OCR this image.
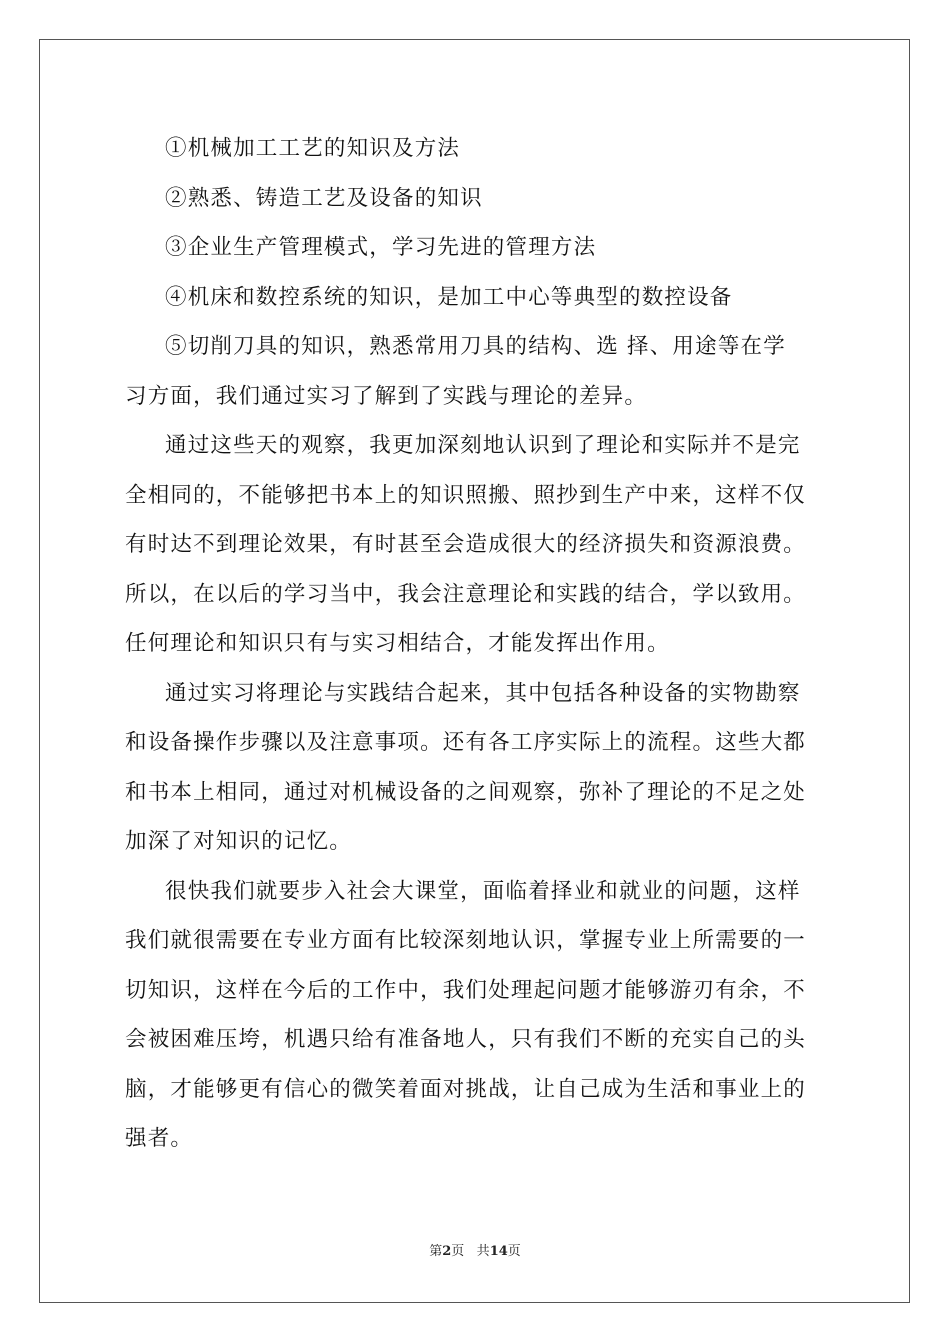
①机械加工工艺的知识及方法
②熟悉、铸造工艺及设备的知识
③企业生产管理模式，学习先进的管理方法
④机床和数控系统的知识，是加工中心等典型的数控设备
⑤切削刀具的知识，熟悉常用刀具的结构、选 择、用途等在学
习方面，我们通过实习了解到了实践与理论的差异。
通过这些天的观察，我更加深刻地认识到了理论和实际并不是完
全相同的，不能够把书本上的知识照搬、照抄到生产中来，这样不仅
有时达不到理论效果，有时甚至会造成很大的经济损失和资源浪费。
所以，在以后的学习当中，我会注意理论和实践的结合，学以致用。
任何理论和知识只有与实习相结合，才能发挥出作用。
通过实习将理论与实践结合起来，其中包括各种设备的实物勘察
和设备操作步骤以及注意事项。还有各工序实际上的流程。这些大都
和书本上相同，通过对机械设备的之间观察，弥补了理论的不足之处
加深了对知识的记忆。
很快我们就要步入社会大课堂，面临着择业和就业的问题，这样
我们就很需要在专业方面有比较深刻地认识，掌握专业上所需要的一
切知识，这样在今后的工作中，我们处理起问题才能够游刃有余，不
会被困难压垮，机遇只给有准备地人，只有我们不断的充实自己的头
脑，才能够更有信心的微笑着面对挑战，让自己成为生活和事业上的
强者。
第2页 共14页
